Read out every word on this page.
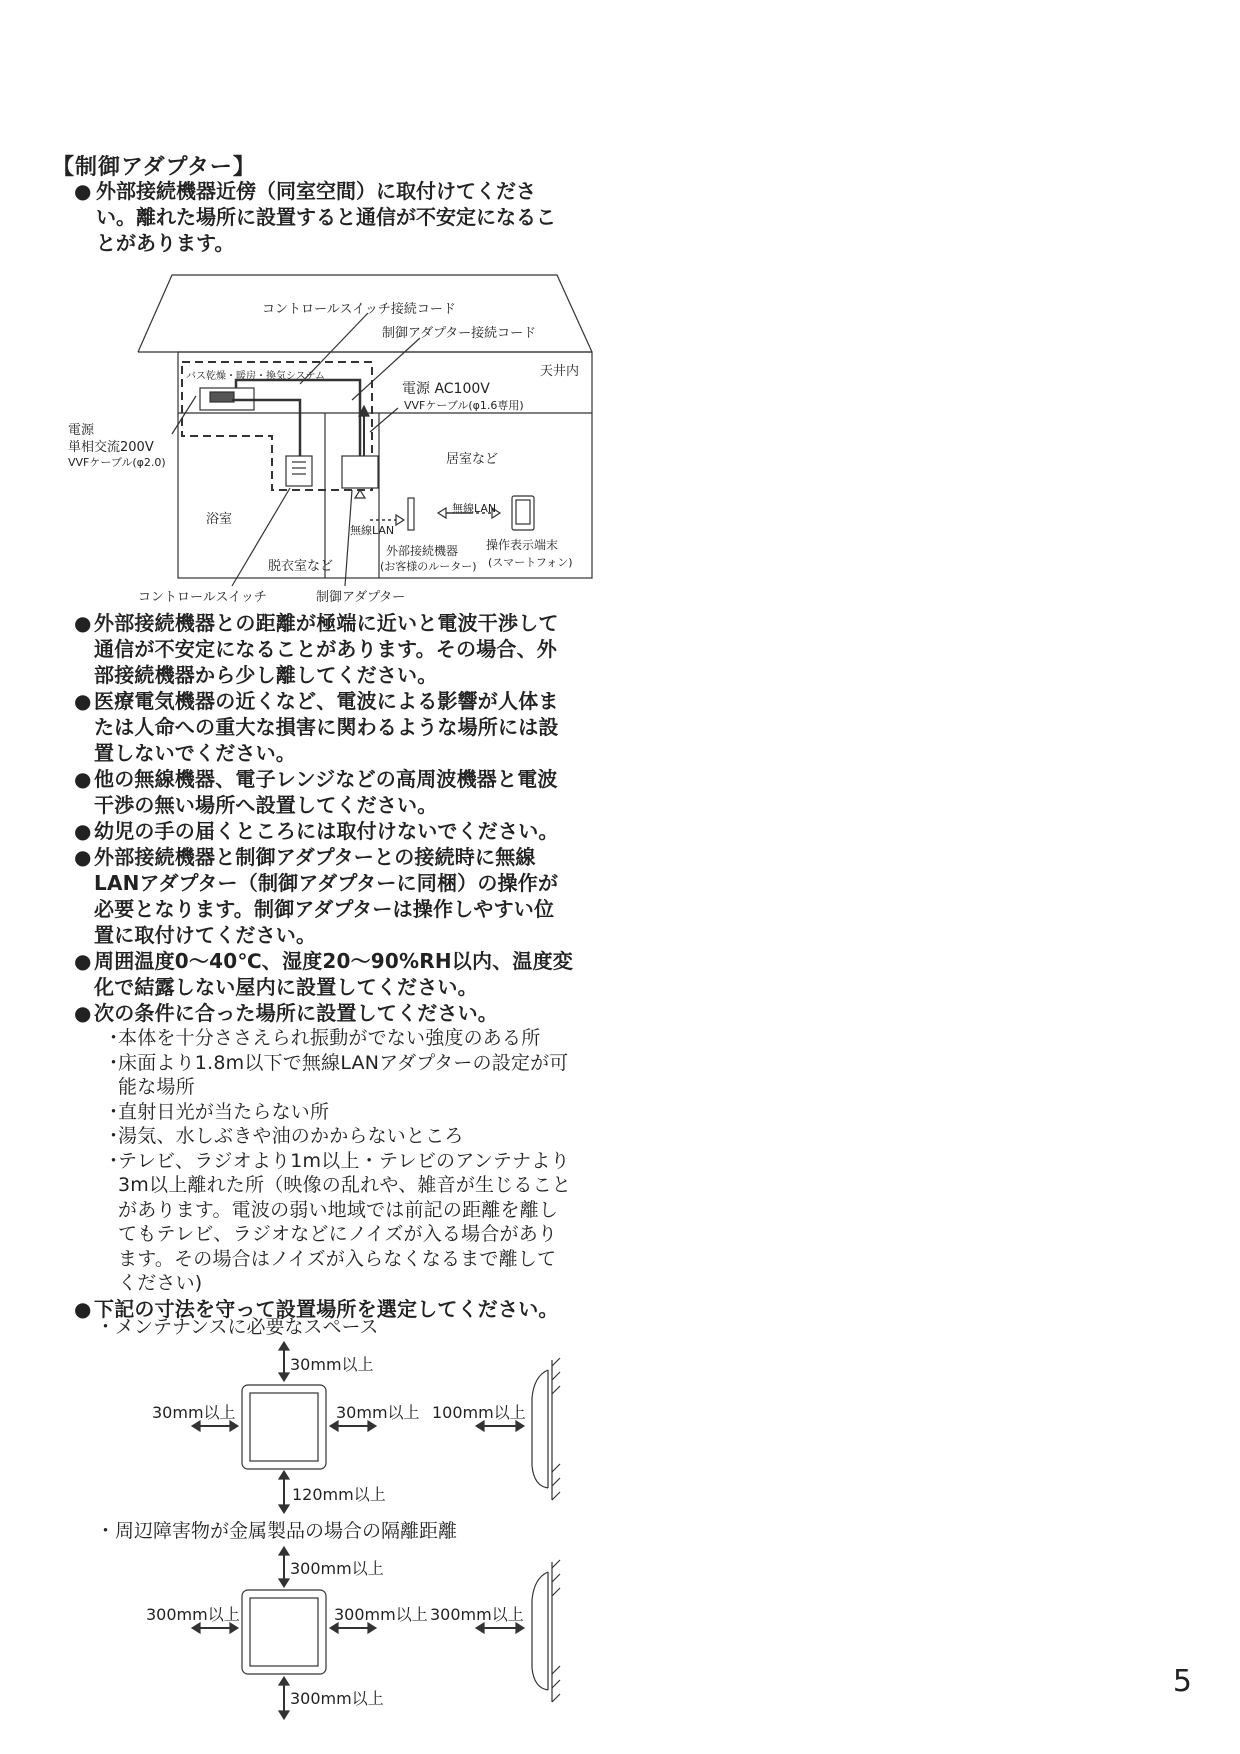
【制御アダプター】
● 外部接続機器近傍（同室空間）に取付けてください。離れた場所に設置すると通信が不安定になることがあります。
コントロールスイッチ接続コード
制御アダプター接続コード
天井内
電源 AC100V
VVFケーブル(φ1.6専用)
バス乾燥・暖房・換気システム
電源
単相交流200V
VVFケーブル(φ2.0)	居室など
浴室
無線LAN
無線LAN
脱衣室など
外部接続機器
(お客様のルーター)
操作表示端末
(スマートフォン)
コントロールスイッチ	制御アダプター
● 外部接続機器との距離が極端に近いと電波干渉して通信が不安定になることがあります。その場合、外部接続機器から少し離してください。
● 医療電気機器の近くなど、電波による影響が人体または人命への重大な損害に関わるような場所には設置しないでください。
● 他の無線機器、電子レンジなどの高周波機器と電波干渉の無い場所へ設置してください。
● 幼児の手の届くところには取付けないでください。
● 外部接続機器と制御アダプターとの接続時に無線LANアダプター（制御アダプターに同梱）の操作が必要となります。制御アダプターは操作しやすい位置に取付けてください。
● 周囲温度0～40℃、湿度20～90%RH以内、温度変化で結露しない屋内に設置してください。
● 次の条件に合った場所に設置してください。
・
本体を十分ささえられ振動がでない強度のある所
・
床面より1.8m以下で無線LANアダプターの設定が可能な場所
・
直射日光が当たらない所
・
湯気、水しぶきや油のかからないところ
・
テレビ、ラジオより1m以上・テレビのアンテナより3m以上離れた所（映像の乱れや、雑音が生じることがあります。電波の弱い地域では前記の距離を離してもテレビ、ラジオなどにノイズが入る場合があります。その場合はノイズが入らなくなるまで離してください)
● 下記の寸法を守って設置場所を選定してください。
・メンテナンスに必要なスペース
30mm以上
30mm以上	30mm以上 100mm以上
120mm以上
・周辺障害物が金属製品の場合の隔離距離
300mm以上
300mm以上	300mm以上 300mm以上
300mm以上	5
